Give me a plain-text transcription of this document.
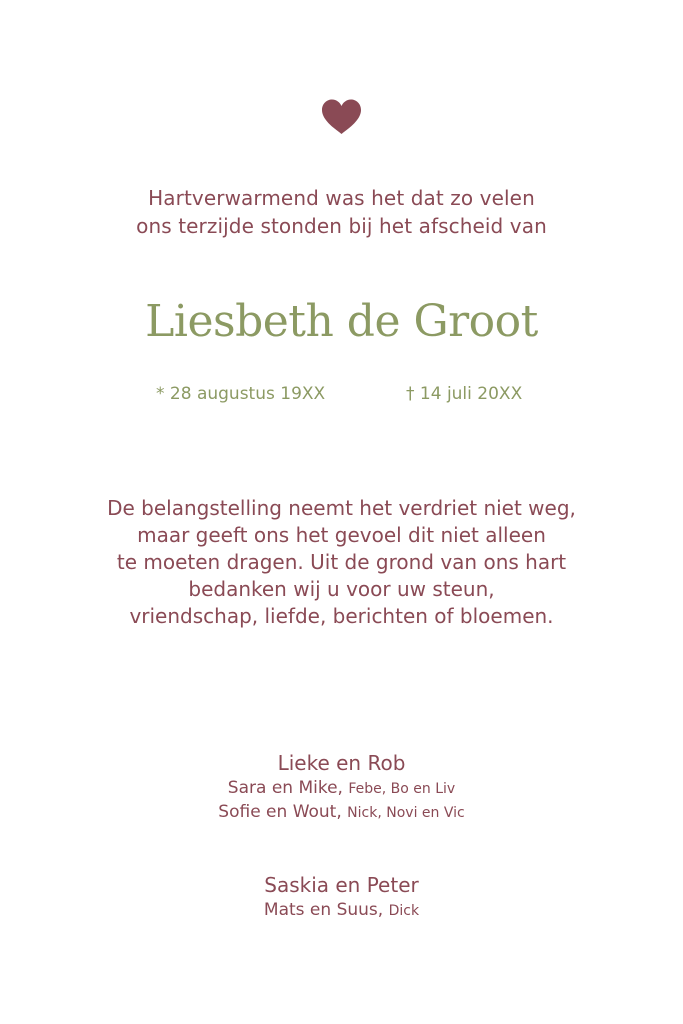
Hartverwarmend was het dat zo velen
ons terzijde stonden bij het afscheid van
Liesbeth de Groot
* 28 augustus 19XX	† 14 juli 20XX
De belangstelling neemt het verdriet niet weg,
maar geeft ons het gevoel dit niet alleen
te moeten dragen. Uit de grond van ons hart
bedanken wij u voor uw steun,
vriendschap, liefde, berichten of bloemen.
Lieke en Rob
Sara en Mike, Febe, Bo en Liv
Sofie en Wout, Nick, Novi en Vic
Saskia en Peter
Mats en Suus, Dick
